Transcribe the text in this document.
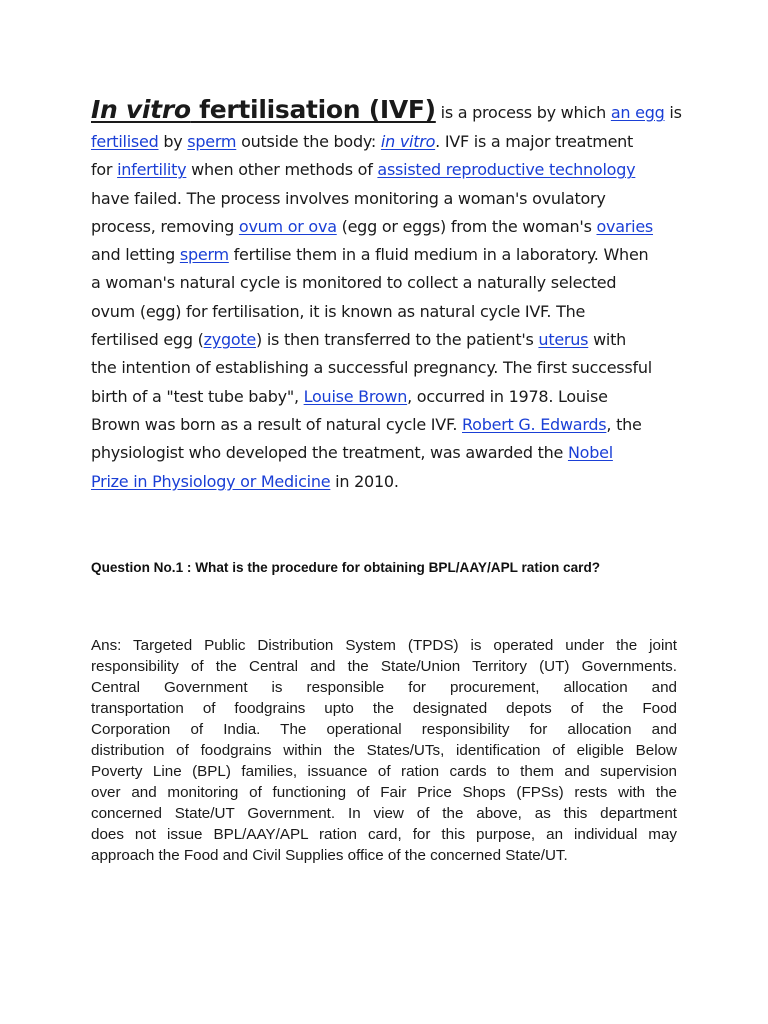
In vitro fertilisation (IVF) is a process by which an egg is
fertilised by sperm outside the body: in vitro. IVF is a major treatment
for infertility when other methods of assisted reproductive technology
have failed. The process involves monitoring a woman's ovulatory
process, removing ovum or ova (egg or eggs) from the woman's ovaries
and letting sperm fertilise them in a fluid medium in a laboratory. When
a woman's natural cycle is monitored to collect a naturally selected
ovum (egg) for fertilisation, it is known as natural cycle IVF. The
fertilised egg (zygote) is then transferred to the patient's uterus with
the intention of establishing a successful pregnancy. The first successful
birth of a "test tube baby", Louise Brown, occurred in 1978. Louise
Brown was born as a result of natural cycle IVF. Robert G. Edwards, the
physiologist who developed the treatment, was awarded the Nobel
Prize in Physiology or Medicine in 2010.
Question No.1 : What is the procedure for obtaining BPL/AAY/APL ration card?
Ans: Targeted Public Distribution System (TPDS) is operated under the joint
responsibility of the Central and the State/Union Territory (UT) Governments.
Central Government is responsible for procurement, allocation and
transportation of foodgrains upto the designated depots of the Food
Corporation of India. The operational responsibility for allocation and
distribution of foodgrains within the States/UTs, identification of eligible Below
Poverty Line (BPL) families, issuance of ration cards to them and supervision
over and monitoring of functioning of Fair Price Shops (FPSs) rests with the
concerned State/UT Government. In view of the above, as this department
does not issue BPL/AAY/APL ration card, for this purpose, an individual may
approach the Food and Civil Supplies office of the concerned State/UT.
